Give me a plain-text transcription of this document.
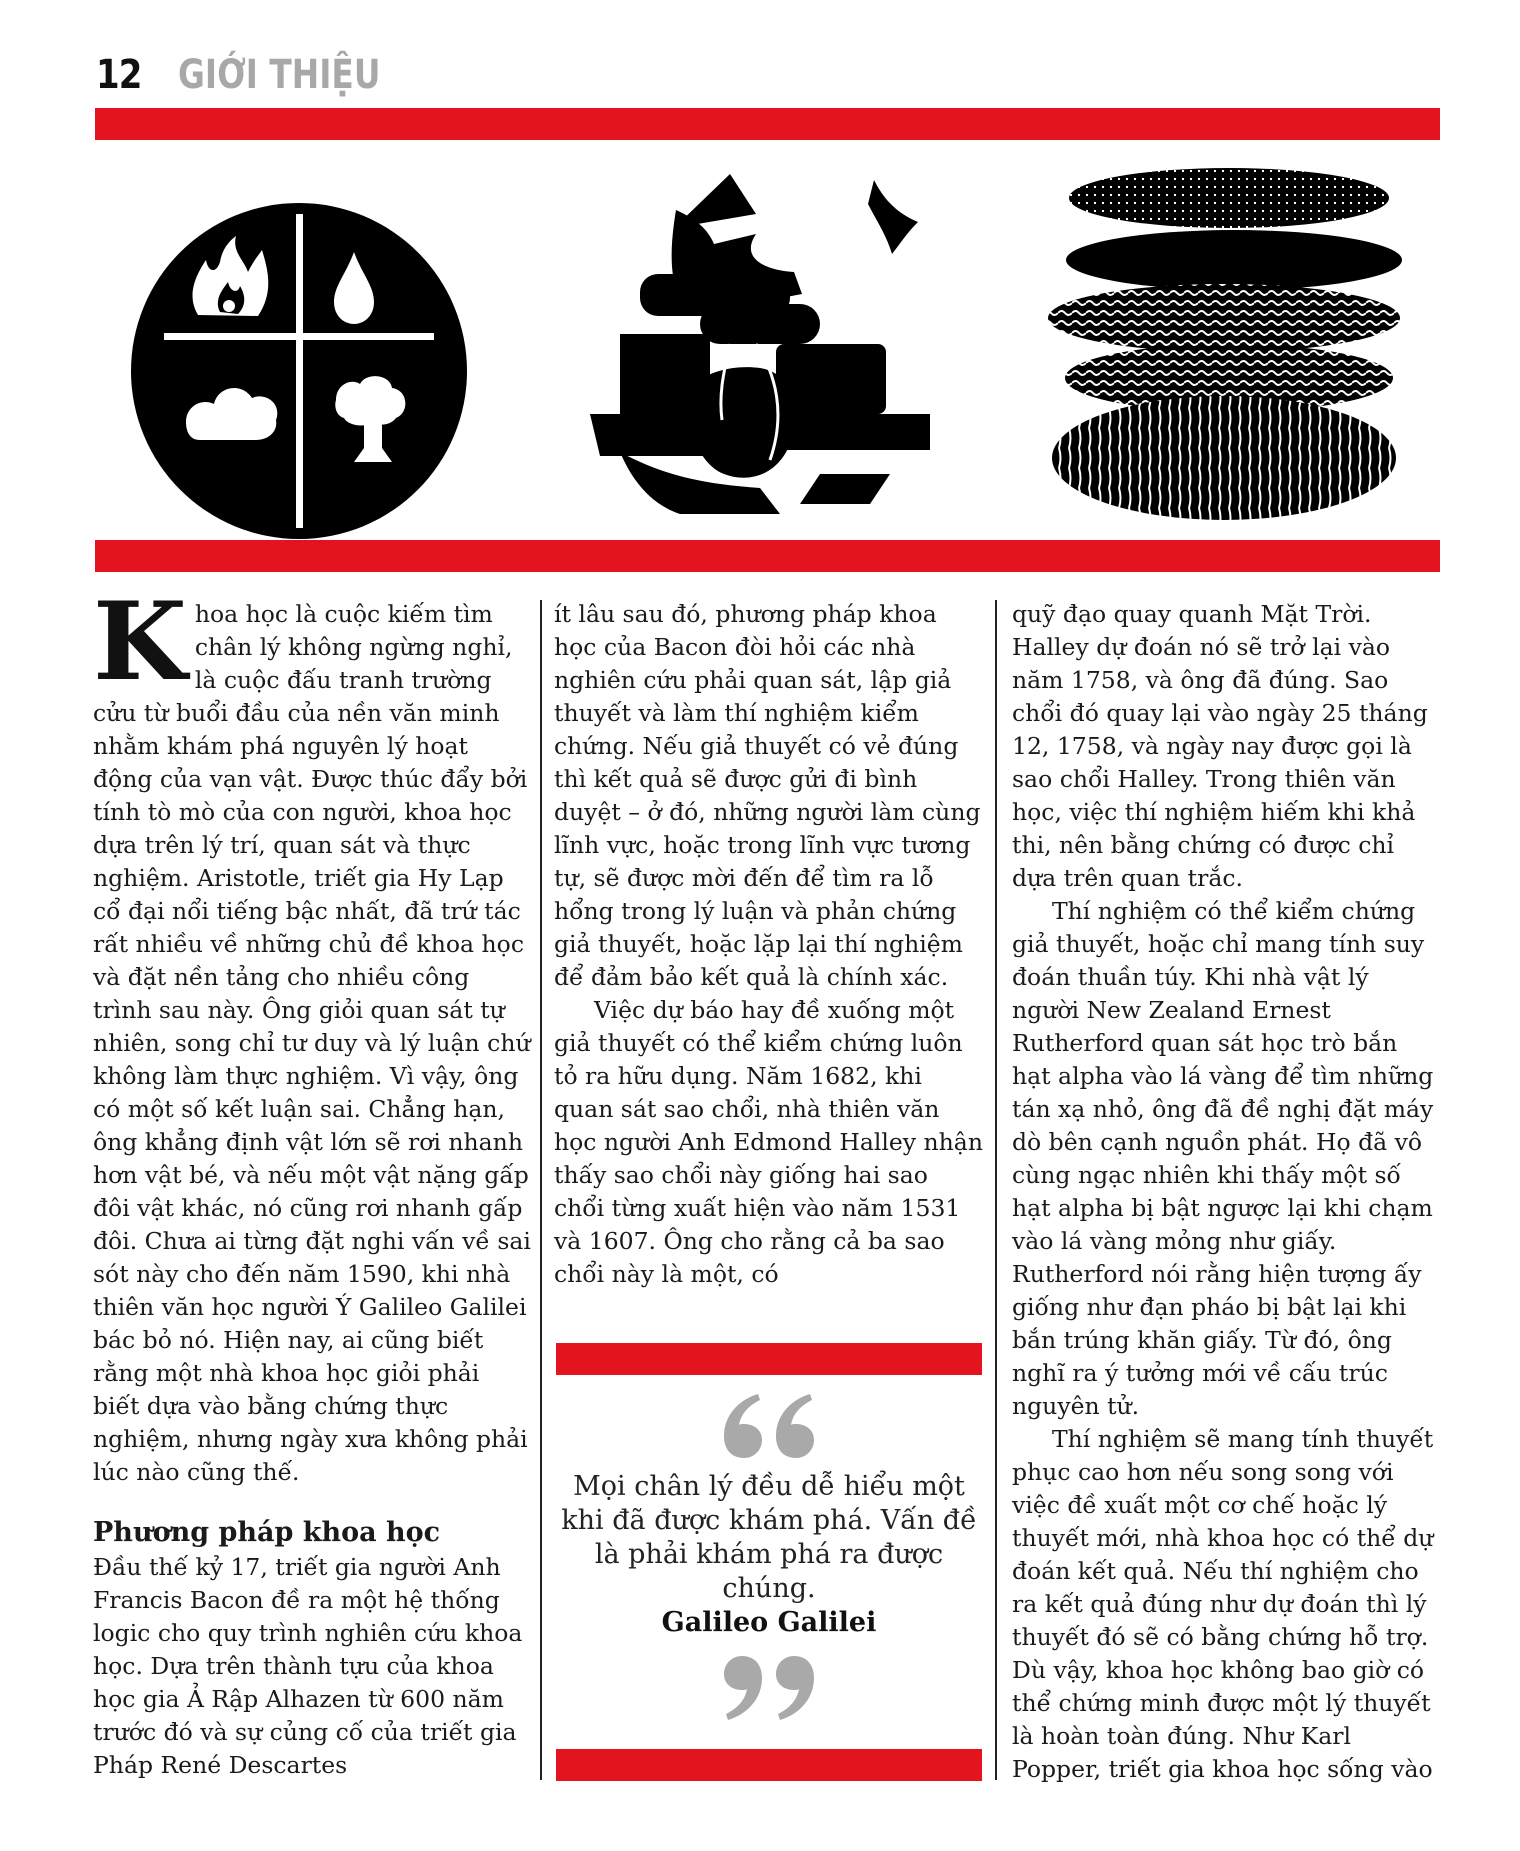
12 GIỚI THIỆU

Khoa học là cuộc kiếm tìm chân lý không ngừng nghỉ, là cuộc đấu tranh trường cửu từ buổi đầu của nền văn minh nhằm khám phá nguyên lý hoạt động của vạn vật. Được thúc đẩy bởi tính tò mò của con người, khoa học dựa trên lý trí, quan sát và thực nghiệm. Aristotle, triết gia Hy Lạp cổ đại nổi tiếng bậc nhất, đã trứ tác rất nhiều về những chủ đề khoa học và đặt nền tảng cho nhiều công trình sau này. Ông giỏi quan sát tự nhiên, song chỉ tư duy và lý luận chứ không làm thực nghiệm. Vì vậy, ông có một số kết luận sai. Chẳng hạn, ông khẳng định vật lớn sẽ rơi nhanh hơn vật bé, và nếu một vật nặng gấp đôi vật khác, nó cũng rơi nhanh gấp đôi. Chưa ai từng đặt nghi vấn về sai sót này cho đến năm 1590, khi nhà thiên văn học người Ý Galileo Galilei bác bỏ nó. Hiện nay, ai cũng biết rằng một nhà khoa học giỏi phải biết dựa vào bằng chứng thực nghiệm, nhưng ngày xưa không phải lúc nào cũng thế.

Phương pháp khoa học

Đầu thế kỷ 17, triết gia người Anh Francis Bacon đề ra một hệ thống logic cho quy trình nghiên cứu khoa học. Dựa trên thành tựu của khoa học gia Ả Rập Alhazen từ 600 năm trước đó và sự củng cố của triết gia Pháp René Descartes

ít lâu sau đó, phương pháp khoa học của Bacon đòi hỏi các nhà nghiên cứu phải quan sát, lập giả thuyết và làm thí nghiệm kiểm chứng. Nếu giả thuyết có vẻ đúng thì kết quả sẽ được gửi đi bình duyệt – ở đó, những người làm cùng lĩnh vực, hoặc trong lĩnh vực tương tự, sẽ được mời đến để tìm ra lỗ hổng trong lý luận và phản chứng giả thuyết, hoặc lặp lại thí nghiệm để đảm bảo kết quả là chính xác.

Việc dự báo hay đề xuống một giả thuyết có thể kiểm chứng luôn tỏ ra hữu dụng. Năm 1682, khi quan sát sao chổi, nhà thiên văn học người Anh Edmond Halley nhận thấy sao chổi này giống hai sao chổi từng xuất hiện vào năm 1531 và 1607. Ông cho rằng cả ba sao chổi này là một, có

Mọi chân lý đều dễ hiểu một khi đã được khám phá. Vấn đề là phải khám phá ra được chúng.

Galileo Galilei

quỹ đạo quay quanh Mặt Trời. Halley dự đoán nó sẽ trở lại vào năm 1758, và ông đã đúng. Sao chổi đó quay lại vào ngày 25 tháng 12, 1758, và ngày nay được gọi là sao chổi Halley. Trong thiên văn học, việc thí nghiệm hiếm khi khả thi, nên bằng chứng có được chỉ dựa trên quan trắc.

Thí nghiệm có thể kiểm chứng giả thuyết, hoặc chỉ mang tính suy đoán thuần túy. Khi nhà vật lý người New Zealand Ernest Rutherford quan sát học trò bắn hạt alpha vào lá vàng để tìm những tán xạ nhỏ, ông đã đề nghị đặt máy dò bên cạnh nguồn phát. Họ đã vô cùng ngạc nhiên khi thấy một số hạt alpha bị bật ngược lại khi chạm vào lá vàng mỏng như giấy. Rutherford nói rằng hiện tượng ấy giống như đạn pháo bị bật lại khi bắn trúng khăn giấy. Từ đó, ông nghĩ ra ý tưởng mới về cấu trúc nguyên tử.

Thí nghiệm sẽ mang tính thuyết phục cao hơn nếu song song với việc đề xuất một cơ chế hoặc lý thuyết mới, nhà khoa học có thể dự đoán kết quả. Nếu thí nghiệm cho ra kết quả đúng như dự đoán thì lý thuyết đó sẽ có bằng chứng hỗ trợ. Dù vậy, khoa học không bao giờ có thể chứng minh được một lý thuyết là hoàn toàn đúng. Như Karl Popper, triết gia khoa học sống vào
